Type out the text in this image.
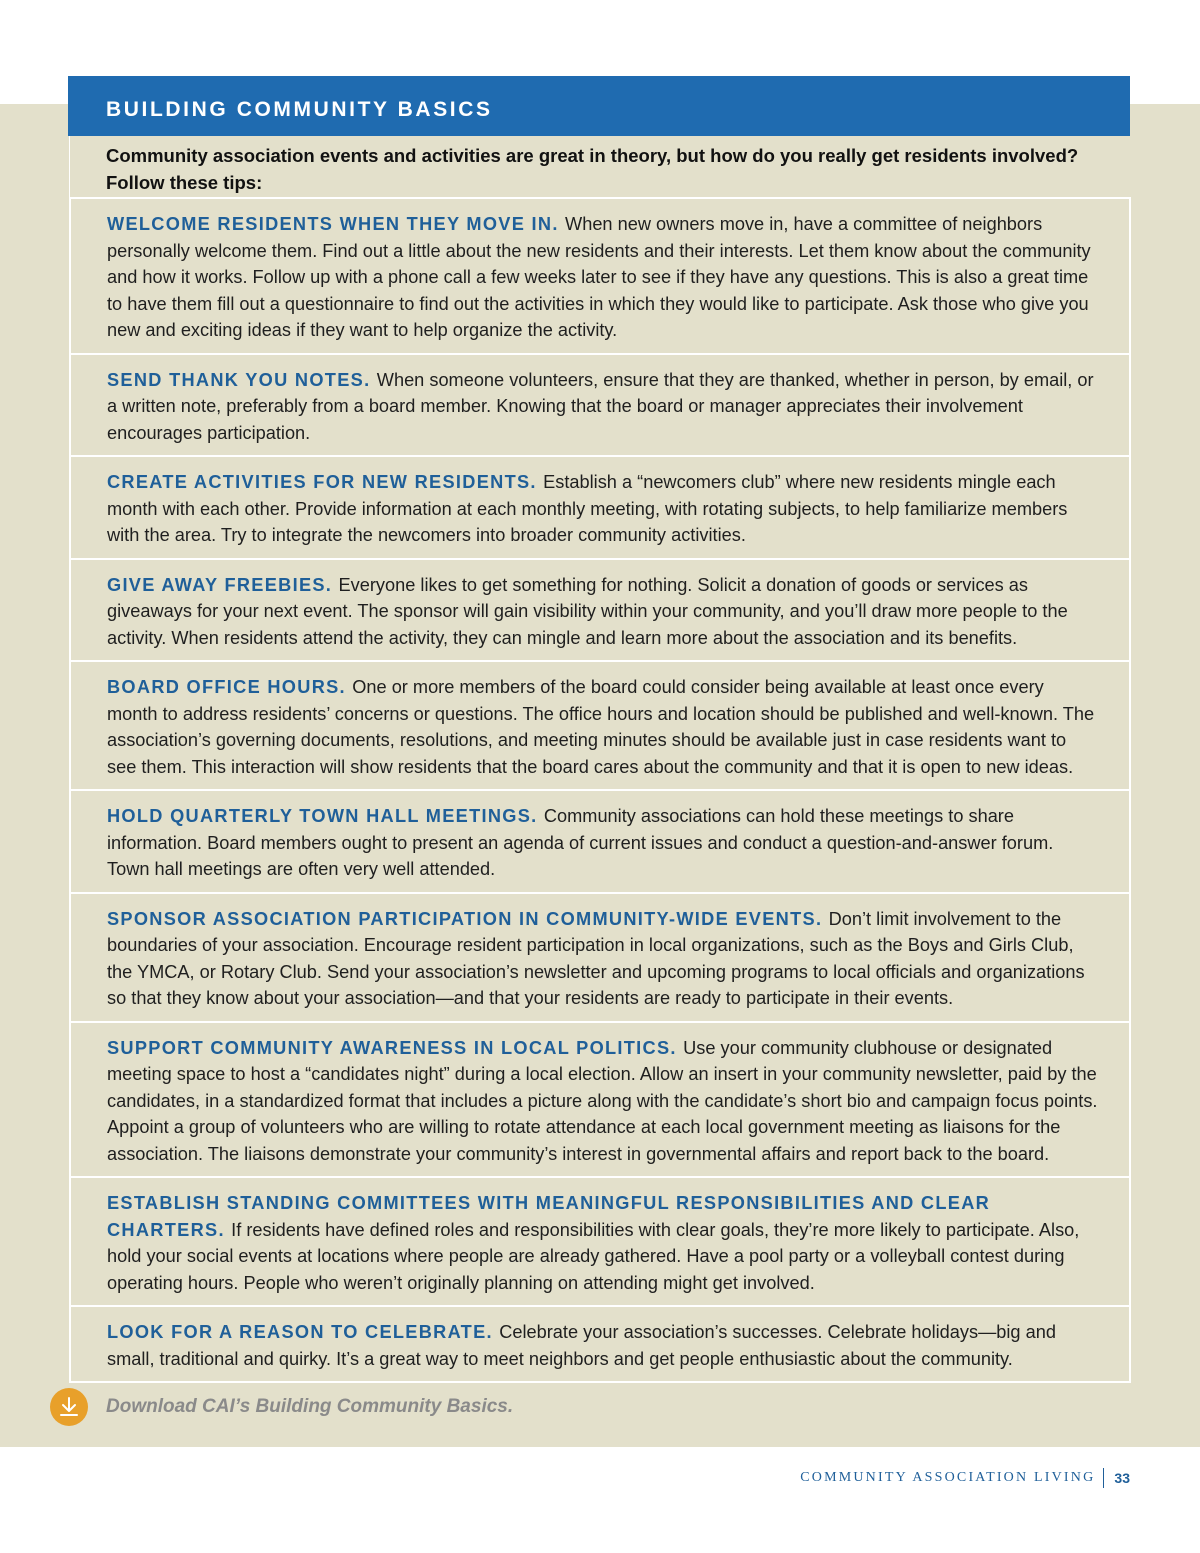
BUILDING COMMUNITY BASICS
Community association events and activities are great in theory, but how do you really get residents involved? Follow these tips:
WELCOME RESIDENTS WHEN THEY MOVE IN. When new owners move in, have a committee of neighbors personally welcome them. Find out a little about the new residents and their interests. Let them know about the community and how it works. Follow up with a phone call a few weeks later to see if they have any questions. This is also a great time to have them fill out a questionnaire to find out the activities in which they would like to participate. Ask those who give you new and exciting ideas if they want to help organize the activity.
SEND THANK YOU NOTES. When someone volunteers, ensure that they are thanked, whether in person, by email, or a written note, preferably from a board member. Knowing that the board or manager appreciates their involvement encourages participation.
CREATE ACTIVITIES FOR NEW RESIDENTS. Establish a “newcomers club” where new residents mingle each month with each other. Provide information at each monthly meeting, with rotating subjects, to help familiarize members with the area. Try to integrate the newcomers into broader community activities.
GIVE AWAY FREEBIES. Everyone likes to get something for nothing. Solicit a donation of goods or services as giveaways for your next event. The sponsor will gain visibility within your community, and you’ll draw more people to the activity. When residents attend the activity, they can mingle and learn more about the association and its benefits.
BOARD OFFICE HOURS. One or more members of the board could consider being available at least once every month to address residents’ concerns or questions. The office hours and location should be published and well-known. The association’s governing documents, resolutions, and meeting minutes should be available just in case residents want to see them. This interaction will show residents that the board cares about the community and that it is open to new ideas.
HOLD QUARTERLY TOWN HALL MEETINGS. Community associations can hold these meetings to share information. Board members ought to present an agenda of current issues and conduct a question-and-answer forum. Town hall meetings are often very well attended.
SPONSOR ASSOCIATION PARTICIPATION IN COMMUNITY-WIDE EVENTS. Don’t limit involvement to the boundaries of your association. Encourage resident participation in local organizations, such as the Boys and Girls Club, the YMCA, or Rotary Club. Send your association’s newsletter and upcoming programs to local officials and organizations so that they know about your association—and that your residents are ready to participate in their events.
SUPPORT COMMUNITY AWARENESS IN LOCAL POLITICS. Use your community clubhouse or designated meeting space to host a “candidates night” during a local election. Allow an insert in your community newsletter, paid by the candidates, in a standardized format that includes a picture along with the candidate’s short bio and campaign focus points. Appoint a group of volunteers who are willing to rotate attendance at each local government meeting as liaisons for the association. The liaisons demonstrate your community’s interest in governmental affairs and report back to the board.
ESTABLISH STANDING COMMITTEES WITH MEANINGFUL RESPONSIBILITIES AND CLEAR CHARTERS. If residents have defined roles and responsibilities with clear goals, they’re more likely to participate. Also, hold your social events at locations where people are already gathered. Have a pool party or a volleyball contest during operating hours. People who weren’t originally planning on attending might get involved.
LOOK FOR A REASON TO CELEBRATE. Celebrate your association’s successes. Celebrate holidays—big and small, traditional and quirky. It’s a great way to meet neighbors and get people enthusiastic about the community.
Download CAI’s Building Community Basics.
COMMUNITY ASSOCIATION LIVING 33
